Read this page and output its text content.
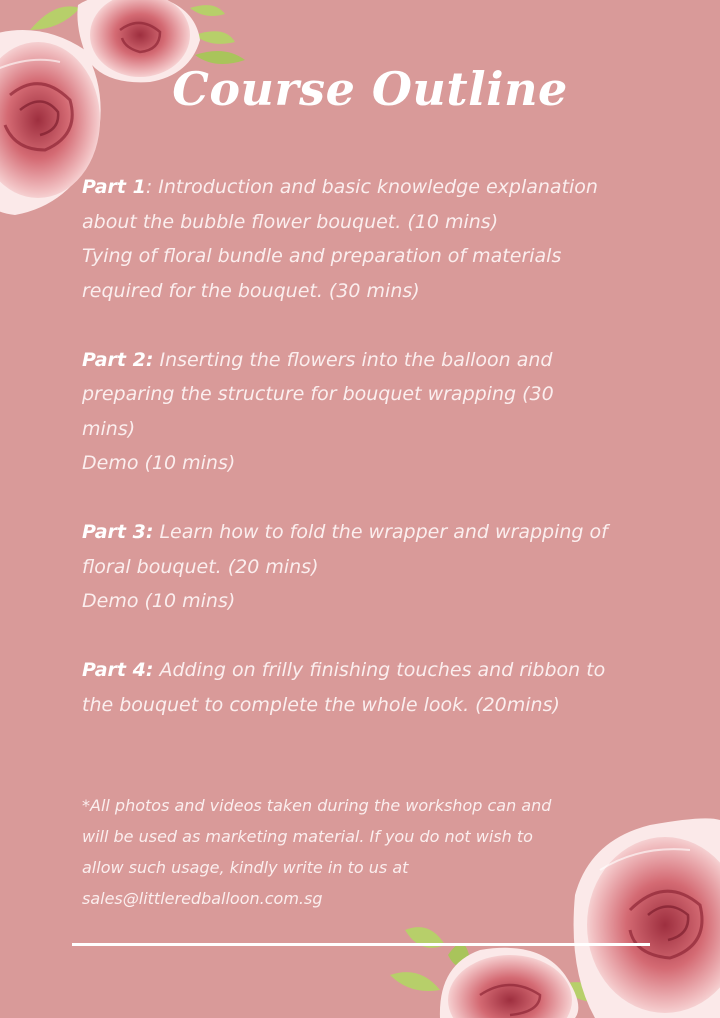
Course Outline
Part 1: Introduction and basic knowledge explanation
about the bubble flower bouquet. (10 mins)
Tying of floral bundle and preparation of materials
required for the bouquet. (30 mins)
Part 2: Inserting the flowers into the balloon and
preparing the structure for bouquet wrapping (30
mins)
Demo (10 mins)
Part 3: Learn how to fold the wrapper and wrapping of
floral bouquet. (20 mins)
Demo (10 mins)
Part 4: Adding on frilly finishing touches and ribbon to
the bouquet to complete the whole look. (20mins)
*All photos and videos taken during the workshop can and
will be used as marketing material. If you do not wish to
allow such usage, kindly write in to us at
sales@littleredballoon.com.sg
